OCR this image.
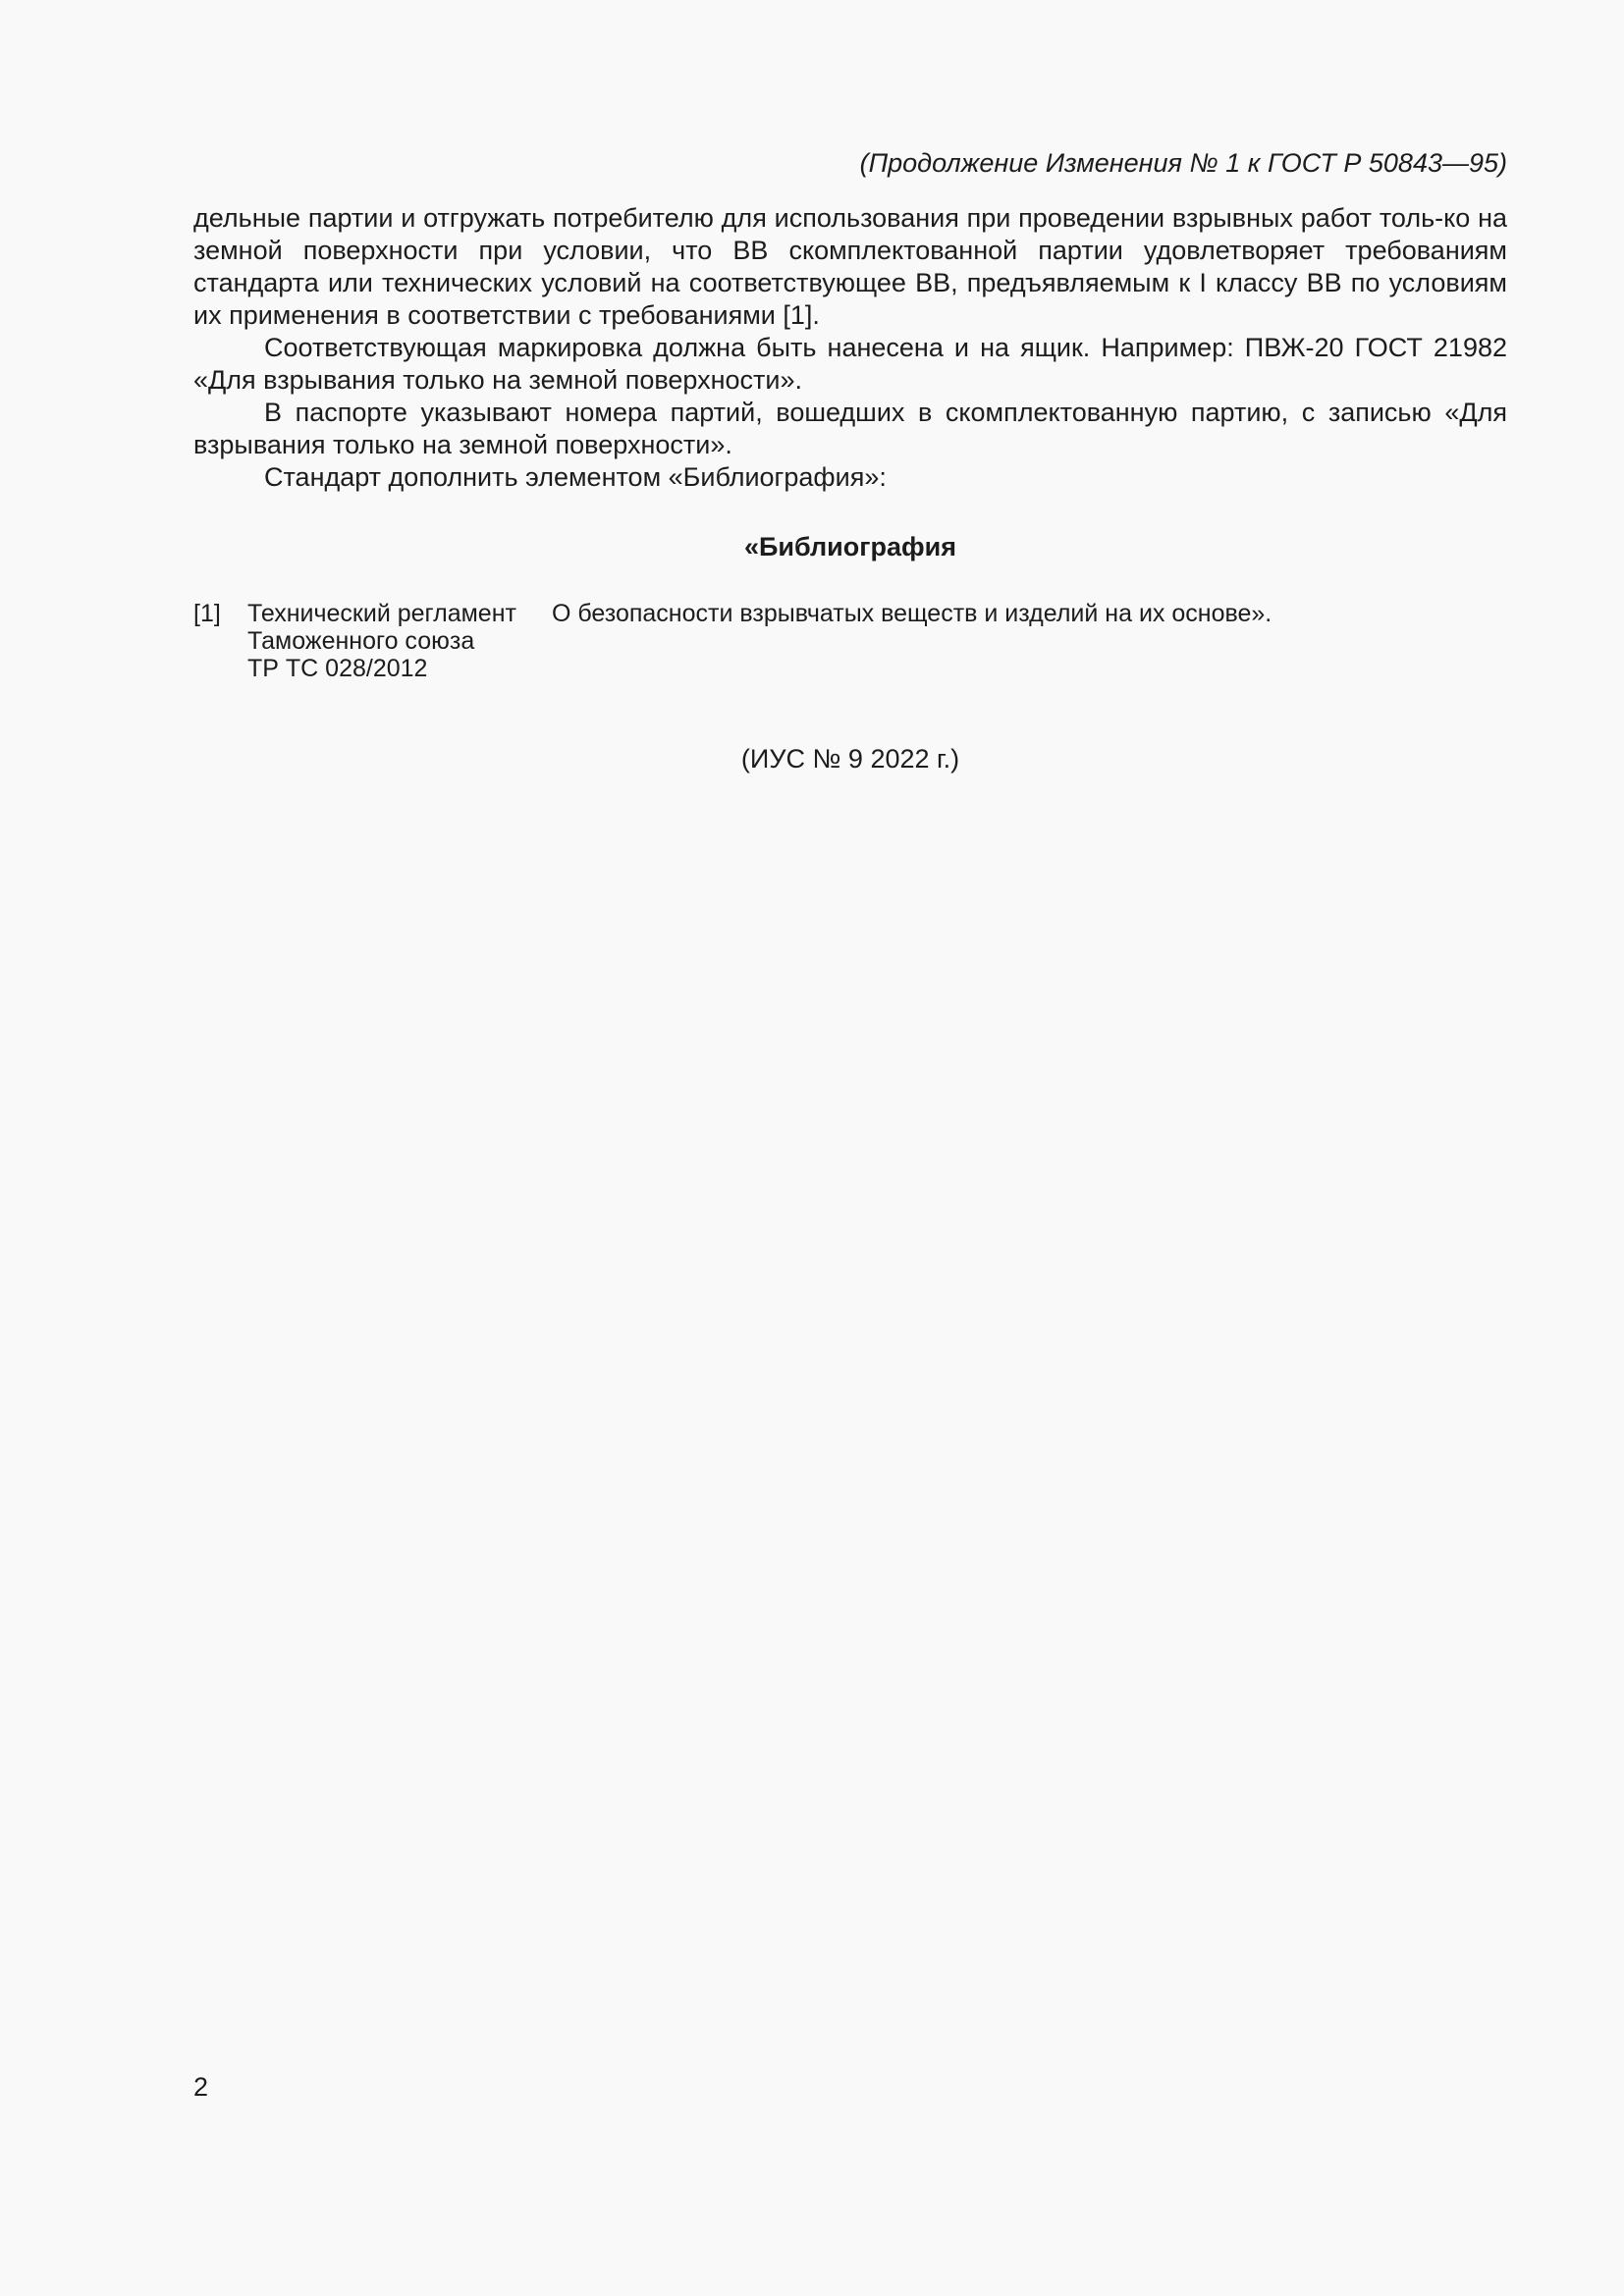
(Продолжение Изменения № 1 к ГОСТ Р 50843—95)

дельные партии и отгружать потребителю для использования при проведении взрывных работ толь-ко на земной поверхности при условии, что ВВ скомплектованной партии удовлетворяет требованиям стандарта или технических условий на соответствующее ВВ, предъявляемым к I классу ВВ по условиям их применения в соответствии с требованиями [1].

Соответствующая маркировка должна быть нанесена и на ящик. Например: ПВЖ-20 ГОСТ 21982 «Для взрывания только на земной поверхности».

В паспорте указывают номера партий, вошедших в скомплектованную партию, с записью «Для взрывания только на земной поверхности».

Стандарт дополнить элементом «Библиография»:

«Библиография
[1]	Технический регламент
Таможенного союза
ТР ТС 028/2012
О безопасности взрывчатых веществ и изделий на их основе».
(ИУС № 9 2022 г.)
2
